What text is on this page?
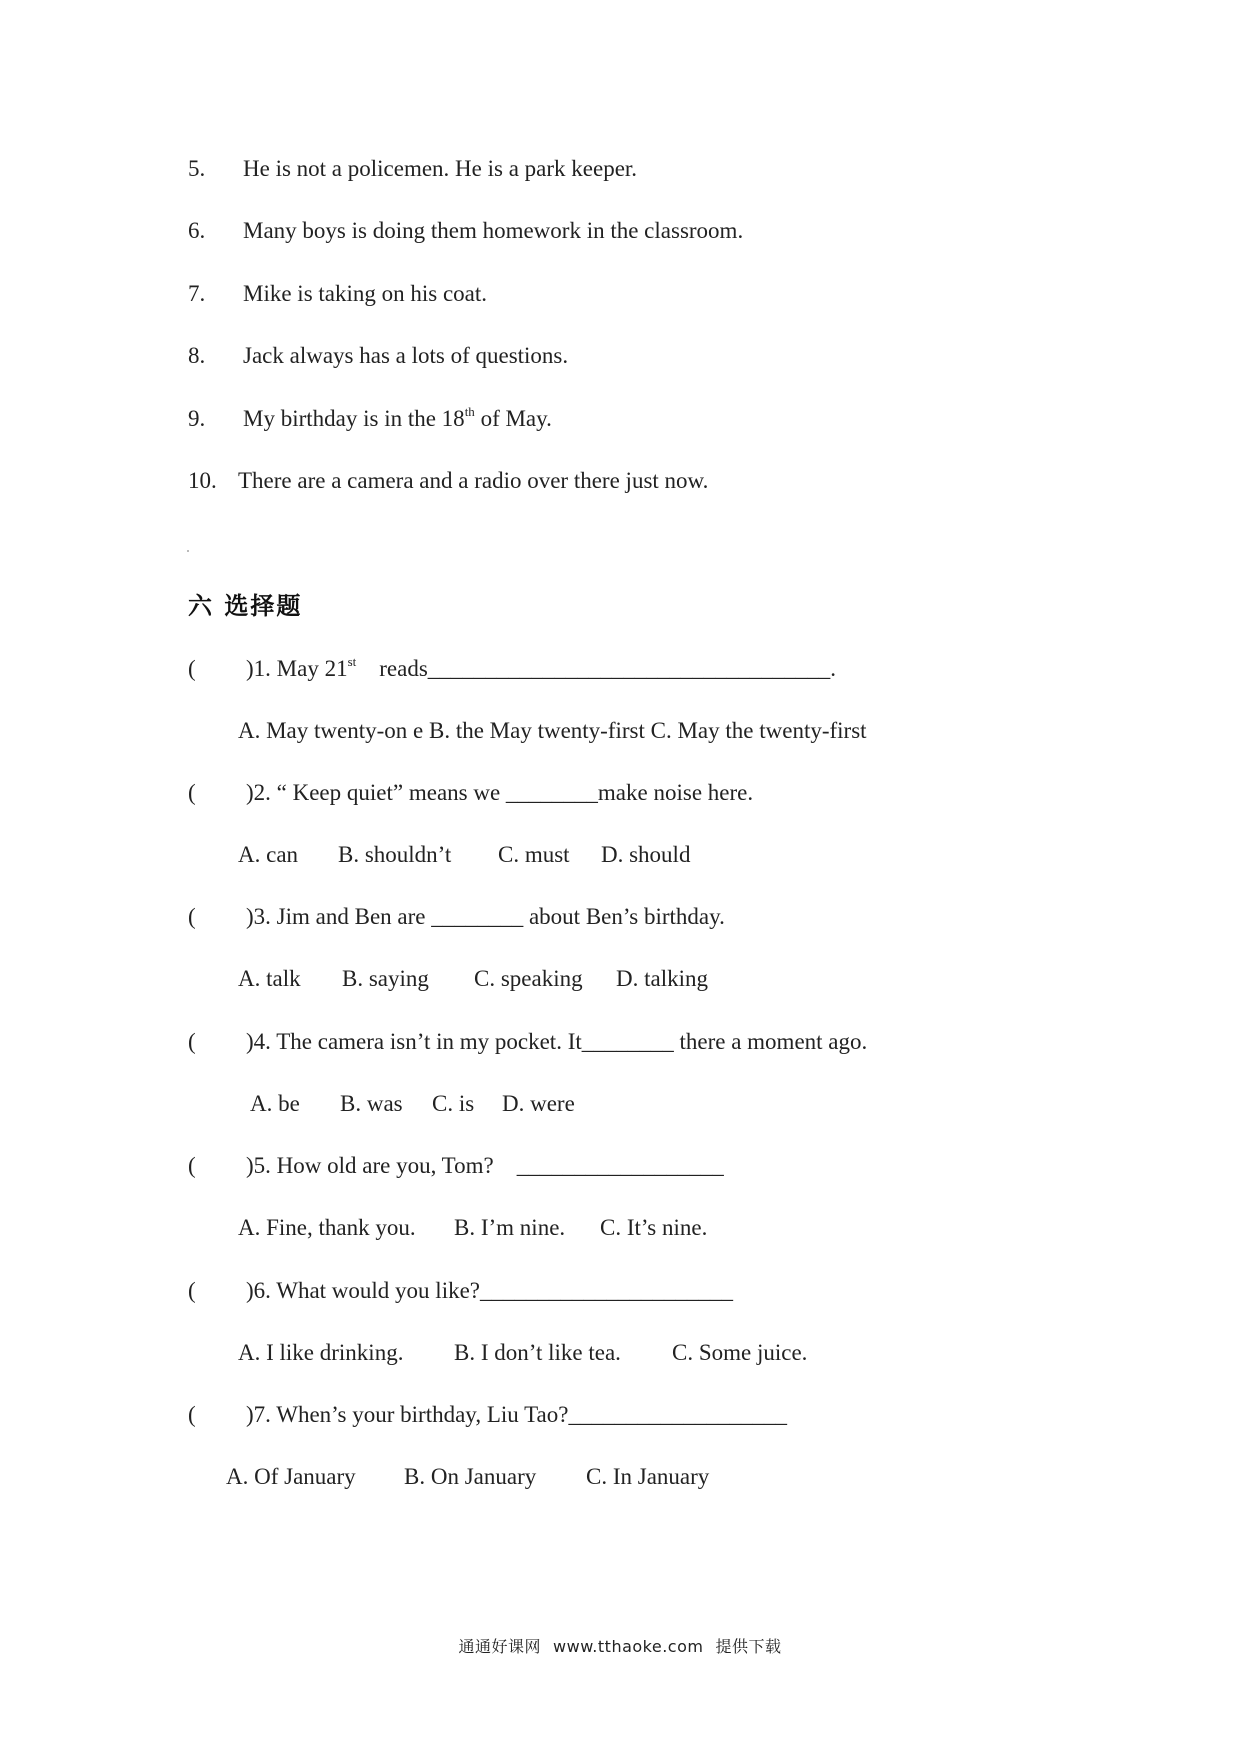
5. He is not a policemen. He is a park keeper.
6. Many boys is doing them homework in the classroom.
7. Mike is taking on his coat.
8. Jack always has a lots of questions.
9. My birthday is in the 18th of May.
10. There are a camera and a radio over there just now.
六 选择题
( )1. May 21st    reads___________________________________.
A. May twenty-on e B. the May twenty-first C. May the twenty-first
( )2. “ Keep quiet” means we ________make noise here.
A. can B. shouldn’t C. must D. should
( )3. Jim and Ben are ________ about Ben’s birthday.
A. talk B. saying C. speaking D. talking
( )4. The camera isn’t in my pocket. It________ there a moment ago.
A. be B. was C. is D. were
( )5. How old are you, Tom?    __________________
A. Fine, thank you. B. I’m nine. C. It’s nine.
( )6. What would you like?______________________
A. I like drinking. B. I don’t like tea. C. Some juice.
( )7. When’s your birthday, Liu Tao?___________________
A. Of January B. On January C. In January
通通好课网 www.tthaoke.com 提供下载
